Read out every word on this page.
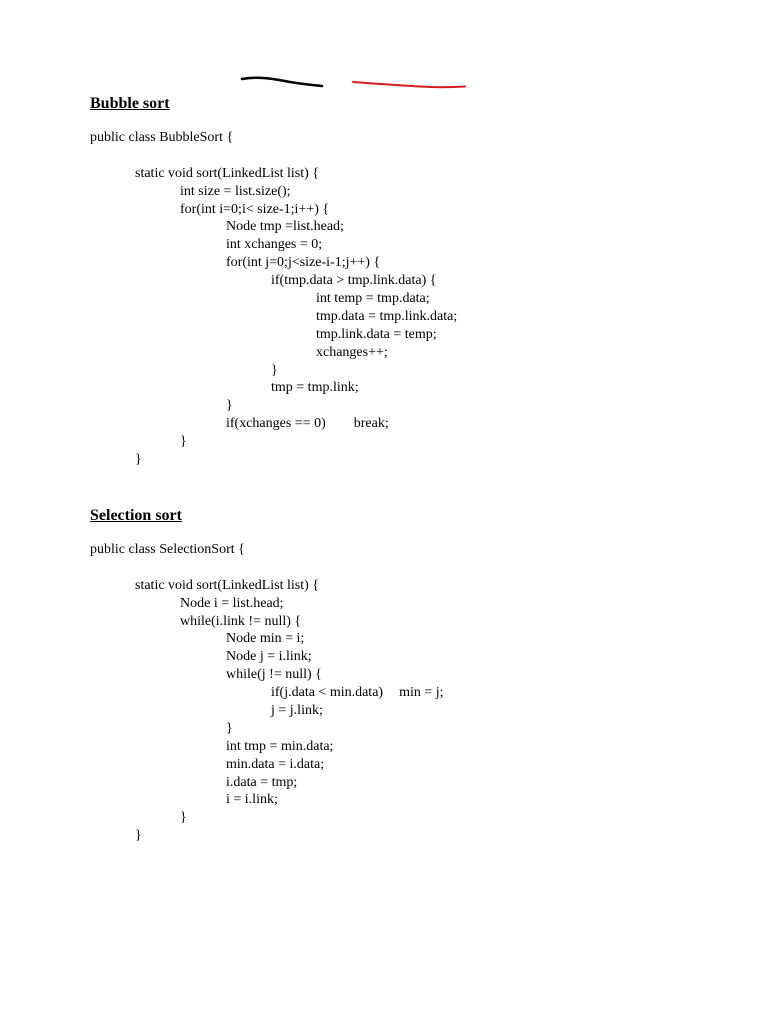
Bubble sort
public class BubbleSort {
static void sort(LinkedList list) {
int size = list.size();
for(int i=0;i< size-1;i++) {
Node tmp =list.head;
int xchanges = 0;
for(int j=0;j<size-i-1;j++) {
if(tmp.data > tmp.link.data) {
int temp = tmp.data;
tmp.data = tmp.link.data;
tmp.link.data = temp;
xchanges++;
}
tmp = tmp.link;
}
if(xchanges == 0) break;
}
}
Selection sort
public class SelectionSort {
static void sort(LinkedList list) {
Node i = list.head;
while(i.link != null) {
Node min = i;
Node j = i.link;
while(j != null) {
if(j.data < min.data) min = j;
j = j.link;
}
int tmp = min.data;
min.data = i.data;
i.data = tmp;
i = i.link;
}
}
